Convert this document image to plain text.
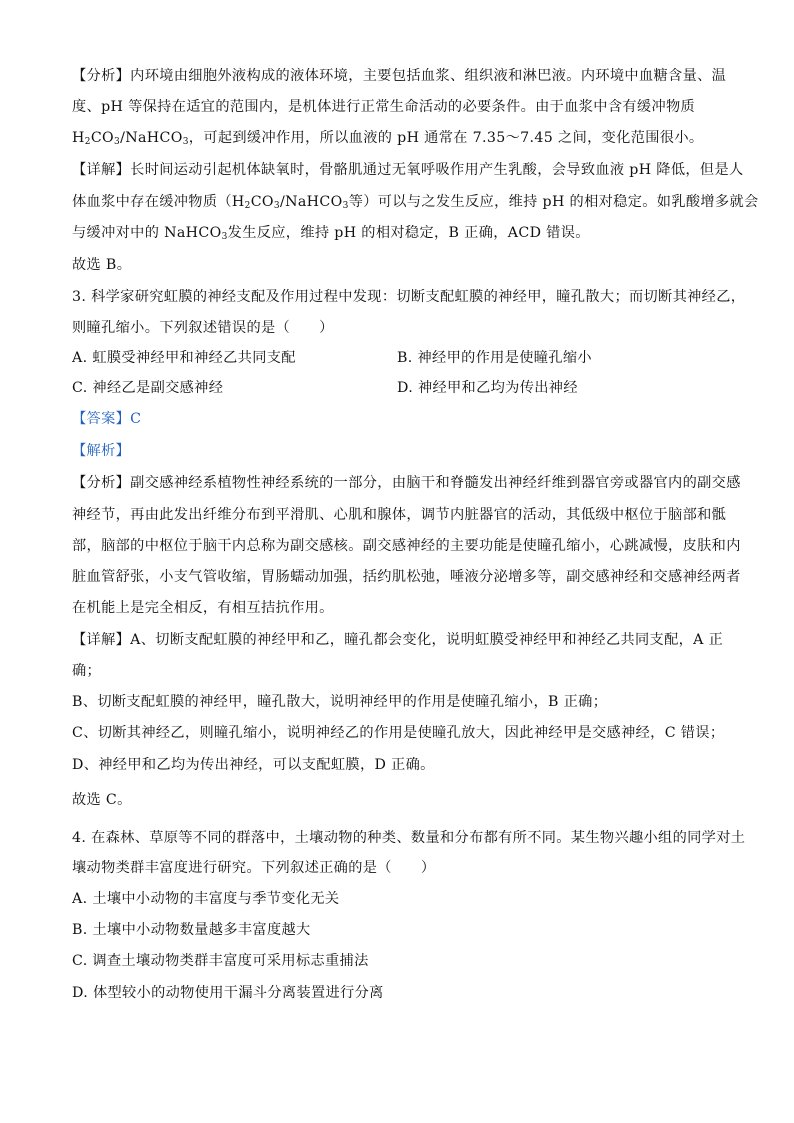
【分析】内环境由细胞外液构成的液体环境，主要包括血浆、组织液和淋巴液。内环境中血糖含量、温
度、pH 等保持在适宜的范围内，是机体进行正常生命活动的必要条件。由于血浆中含有缓冲物质
$H_2CO_3/NaHCO_3$，可起到缓冲作用，所以血液的 pH 通常在 7.35～7.45 之间，变化范围很小。
【详解】长时间运动引起机体缺氧时，骨骼肌通过无氧呼吸作用产生乳酸，会导致血液 pH 降低，但是人
体血浆中存在缓冲物质（$H_2CO_3/NaHCO_3$等）可以与之发生反应，维持 pH 的相对稳定。如乳酸增多就会
与缓冲对中的 NaHCO$_3$发生反应，维持 pH 的相对稳定，B 正确，ACD 错误。
故选 B。
3. 科学家研究虹膜的神经支配及作用过程中发现：切断支配虹膜的神经甲，瞳孔散大；而切断其神经乙，
则瞳孔缩小。下列叙述错误的是（　　）
A. 虹膜受神经甲和神经乙共同支配	B. 神经甲的作用是使瞳孔缩小
C. 神经乙是副交感神经	D. 神经甲和乙均为传出神经
【答案】C
【解析】
【分析】副交感神经系植物性神经系统的一部分，由脑干和脊髓发出神经纤维到器官旁或器官内的副交感
神经节，再由此发出纤维分布到平滑肌、心肌和腺体，调节内脏器官的活动，其低级中枢位于脑部和骶
部，脑部的中枢位于脑干内总称为副交感核。副交感神经的主要功能是使瞳孔缩小，心跳减慢，皮肤和内
脏血管舒张，小支气管收缩，胃肠蠕动加强，括约肌松弛，唾液分泌增多等，副交感神经和交感神经两者
在机能上是完全相反，有相互拮抗作用。
【详解】A、切断支配虹膜的神经甲和乙，瞳孔都会变化，说明虹膜受神经甲和神经乙共同支配，A 正
确；
B、切断支配虹膜的神经甲，瞳孔散大，说明神经甲的作用是使瞳孔缩小，B 正确；
C、切断其神经乙，则瞳孔缩小，说明神经乙的作用是使瞳孔放大，因此神经甲是交感神经，C 错误；
D、神经甲和乙均为传出神经，可以支配虹膜，D 正确。
故选 C。
4. 在森林、草原等不同的群落中，土壤动物的种类、数量和分布都有所不同。某生物兴趣小组的同学对土
壤动物类群丰富度进行研究。下列叙述正确的是（　　）
A. 土壤中小动物的丰富度与季节变化无关
B. 土壤中小动物数量越多丰富度越大
C. 调查土壤动物类群丰富度可采用标志重捕法
D. 体型较小的动物使用干漏斗分离装置进行分离
